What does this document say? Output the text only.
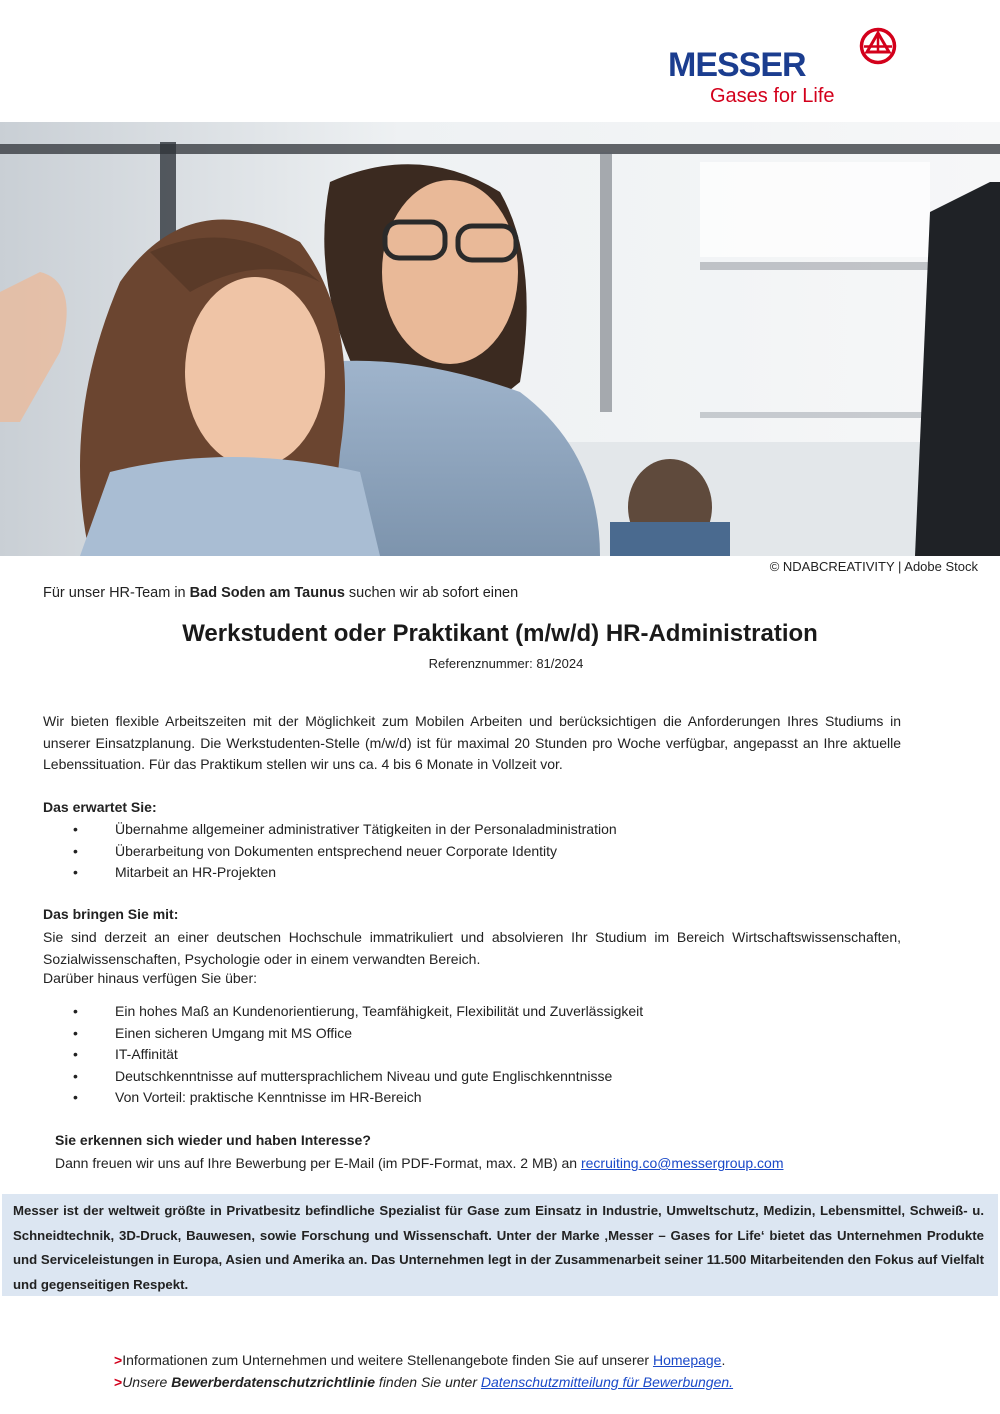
MESSER
Gases for Life
© NDABCREATIVITY | Adobe Stock
Für unser HR-Team in Bad Soden am Taunus suchen wir ab sofort einen
Werkstudent oder Praktikant (m/w/d) HR-Administration
Referenznummer: 81/2024

Wir bieten flexible Arbeitszeiten mit der Möglichkeit zum Mobilen Arbeiten und berücksichtigen die Anforderungen Ihres Studiums in unserer Einsatzplanung. Die Werkstudenten-Stelle (m/w/d) ist für maximal 20 Stunden pro Woche verfügbar, angepasst an Ihre aktuelle Lebenssituation. Für das Praktikum stellen wir uns ca. 4 bis 6 Monate in Vollzeit vor.

Das erwartet Sie:
• Übernahme allgemeiner administrativer Tätigkeiten in der Personaladministration
• Überarbeitung von Dokumenten entsprechend neuer Corporate Identity
• Mitarbeit an HR-Projekten
Das bringen Sie mit:

Sie sind derzeit an einer deutschen Hochschule immatrikuliert und absolvieren Ihr Studium im Bereich Wirtschaftswissenschaften, Sozialwissenschaften, Psychologie oder in einem verwandten Bereich.

Darüber hinaus verfügen Sie über:
• Ein hohes Maß an Kundenorientierung, Teamfähigkeit, Flexibilität und Zuverlässigkeit
• Einen sicheren Umgang mit MS Office
• IT-Affinität
• Deutschkenntnisse auf muttersprachlichem Niveau und gute Englischkenntnisse
• Von Vorteil: praktische Kenntnisse im HR-Bereich
Sie erkennen sich wieder und haben Interesse?
Dann freuen wir uns auf Ihre Bewerbung per E-Mail (im PDF-Format, max. 2 MB) an recruiting.co@messergroup.com

Messer ist der weltweit größte in Privatbesitz befindliche Spezialist für Gase zum Einsatz in Industrie, Umweltschutz, Medizin, Lebensmittel, Schweiß- u. Schneidtechnik, 3D-Druck, Bauwesen, sowie Forschung und Wissenschaft. Unter der Marke ‚Messer – Gases for Life‘ bietet das Unternehmen Produkte und Serviceleistungen in Europa, Asien und Amerika an. Das Unternehmen legt in der Zusammenarbeit seiner 11.500 Mitarbeitenden den Fokus auf Vielfalt und gegenseitigen Respekt.

>Informationen zum Unternehmen und weitere Stellenangebote finden Sie auf unserer Homepage.
>Unsere Bewerberdatenschutzrichtlinie finden Sie unter Datenschutzmitteilung für Bewerbungen.
